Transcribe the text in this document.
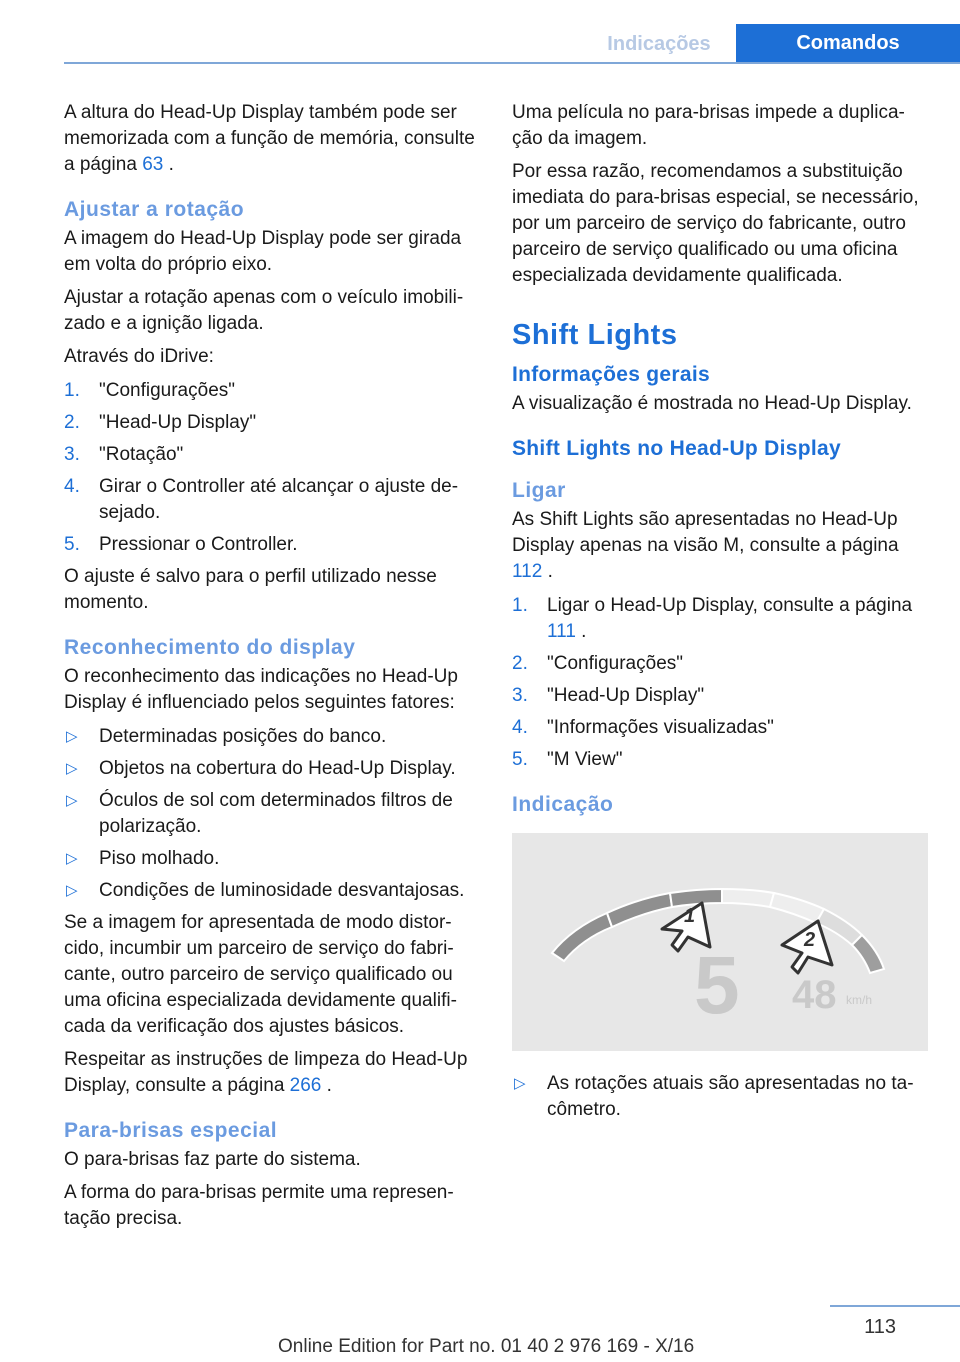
Indicações	Comandos

A altura do Head-Up Display também pode ser memorizada com a função de memória, consulte a página 63 .

Ajustar a rotação

A imagem do Head-Up Display pode ser girada em volta do próprio eixo.

Ajustar a rotação apenas com o veículo imobilizado e a ignição ligada.

Através do iDrive:

1. "Configurações"
2. "Head-Up Display"
3. "Rotação"
4. Girar o Controller até alcançar o ajuste desejado.
5. Pressionar o Controller.

O ajuste é salvo para o perfil utilizado nesse momento.

Reconhecimento do display

O reconhecimento das indicações no Head-Up Display é influenciado pelos seguintes fatores:

▷ Determinadas posições do banco.
▷ Objetos na cobertura do Head-Up Display.
▷ Óculos de sol com determinados filtros de polarização.
▷ Piso molhado.
▷ Condições de luminosidade desvantajosas.

Se a imagem for apresentada de modo distorcido, incumbir um parceiro de serviço do fabricante, outro parceiro de serviço qualificado ou uma oficina especializada devidamente qualificada da verificação dos ajustes básicos.

Respeitar as instruções de limpeza do Head-Up Display, consulte a página 266 .

Para-brisas especial

O para-brisas faz parte do sistema.

A forma do para-brisas permite uma representação precisa.

Uma película no para-brisas impede a duplicação da imagem.

Por essa razão, recomendamos a substituição imediata do para-brisas especial, se necessário, por um parceiro de serviço do fabricante, outro parceiro de serviço qualificado ou uma oficina especializada devidamente qualificada.

Shift Lights
Informações gerais

A visualização é mostrada no Head-Up Display.

Shift Lights no Head-Up Display
Ligar

As Shift Lights são apresentadas no Head-Up Display apenas na visão M, consulte a página 112 .

1. Ligar o Head-Up Display, consulte a página 111 .
2. "Configurações"
3. "Head-Up Display"
4. "Informações visualizadas"
5. "M View"
Indicação
1
2
5 48 km/h
▷ As rotações atuais são apresentadas no tacômetro.
113
Online Edition for Part no. 01 40 2 976 169 - X/16
